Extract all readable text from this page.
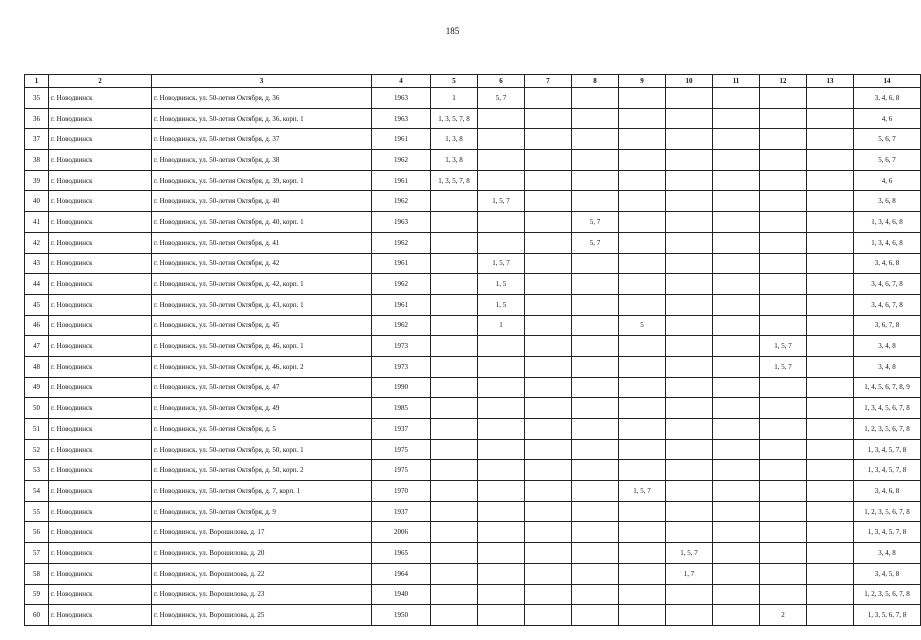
185
1	2	3	4	5	6	7	8	9	10	11	12	13	14
35	г. Новодвинск	г. Новодвинск, ул. 50-летия Октября, д. 36	1963	1	5, 7								3, 4, 6, 8
36	г. Новодвинск	г. Новодвинск, ул. 50-летия Октября, д. 36, корп. 1	1963	1, 3, 5, 7, 8									4, 6
37	г. Новодвинск	г. Новодвинск, ул. 50-летия Октября, д. 37	1961	1, 3, 8									5, 6, 7
38	г. Новодвинск	г. Новодвинск, ул. 50-летия Октября, д. 38	1962	1, 3, 8									5, 6, 7
39	г. Новодвинск	г. Новодвинск, ул. 50-летия Октября, д. 39, корп. 1	1961	1, 3, 5, 7, 8									4, 6
40	г. Новодвинск	г. Новодвинск, ул. 50-летия Октября, д. 40	1962		1, 5, 7								3, 6, 8
41	г. Новодвинск	г. Новодвинск, ул. 50-летия Октября, д. 40, корп. 1	1963				5, 7						1, 3, 4, 6, 8
42	г. Новодвинск	г. Новодвинск, ул. 50-летия Октября, д. 41	1962				5, 7						1, 3, 4, 6, 8
43	г. Новодвинск	г. Новодвинск, ул. 50-летия Октября, д. 42	1961		1, 5, 7								3, 4, 6, 8
44	г. Новодвинск	г. Новодвинск, ул. 50-летия Октября, д. 42, корп. 1	1962		1, 5								3, 4, 6, 7, 8
45	г. Новодвинск	г. Новодвинск, ул. 50-летия Октября, д. 43, корп. 1	1961		1, 5								3, 4, 6, 7, 8
46	г. Новодвинск	г. Новодвинск, ул. 50-летия Октября, д. 45	1962		1			5					3, 6, 7, 8
47	г. Новодвинск	г. Новодвинск, ул. 50-летия Октября, д. 46, корп. 1	1973								1, 5, 7		3, 4, 8
48	г. Новодвинск	г. Новодвинск, ул. 50-летия Октября, д. 46, корп. 2	1973								1, 5, 7		3, 4, 8
49	г. Новодвинск	г. Новодвинск, ул. 50-летия Октября, д. 47	1990										1, 4, 5, 6, 7, 8, 9
50	г. Новодвинск	г. Новодвинск, ул. 50-летия Октября, д. 49	1985										1, 3, 4, 5, 6, 7, 8
51	г. Новодвинск	г. Новодвинск, ул. 50-летия Октября, д. 5	1937										1, 2, 3, 5, 6, 7, 8
52	г. Новодвинск	г. Новодвинск, ул. 50-летия Октября, д. 50, корп. 1	1975										1, 3, 4, 5, 7, 8
53	г. Новодвинск	г. Новодвинск, ул. 50-летия Октября, д. 50, корп. 2	1975										1, 3, 4, 5, 7, 8
54	г. Новодвинск	г. Новодвинск, ул. 50-летия Октября, д. 7, корп. 1	1970					1, 5, 7					3, 4, 6, 8
55	г. Новодвинск	г. Новодвинск, ул. 50-летия Октября, д. 9	1937										1, 2, 3, 5, 6, 7, 8
56	г. Новодвинск	г. Новодвинск, ул. Ворошилова, д. 17	2006										1, 3, 4, 5, 7, 8
57	г. Новодвинск	г. Новодвинск, ул. Ворошилова, д. 20	1965						1, 5, 7				3, 4, 8
58	г. Новодвинск	г. Новодвинск, ул. Ворошилова, д. 22	1964						1, 7				3, 4, 5, 8
59	г. Новодвинск	г. Новодвинск, ул. Ворошилова, д. 23	1940										1, 2, 3, 5, 6, 7, 8
60	г. Новодвинск	г. Новодвинск, ул. Ворошилова, д. 25	1950								2		1, 3, 5, 6, 7, 8
